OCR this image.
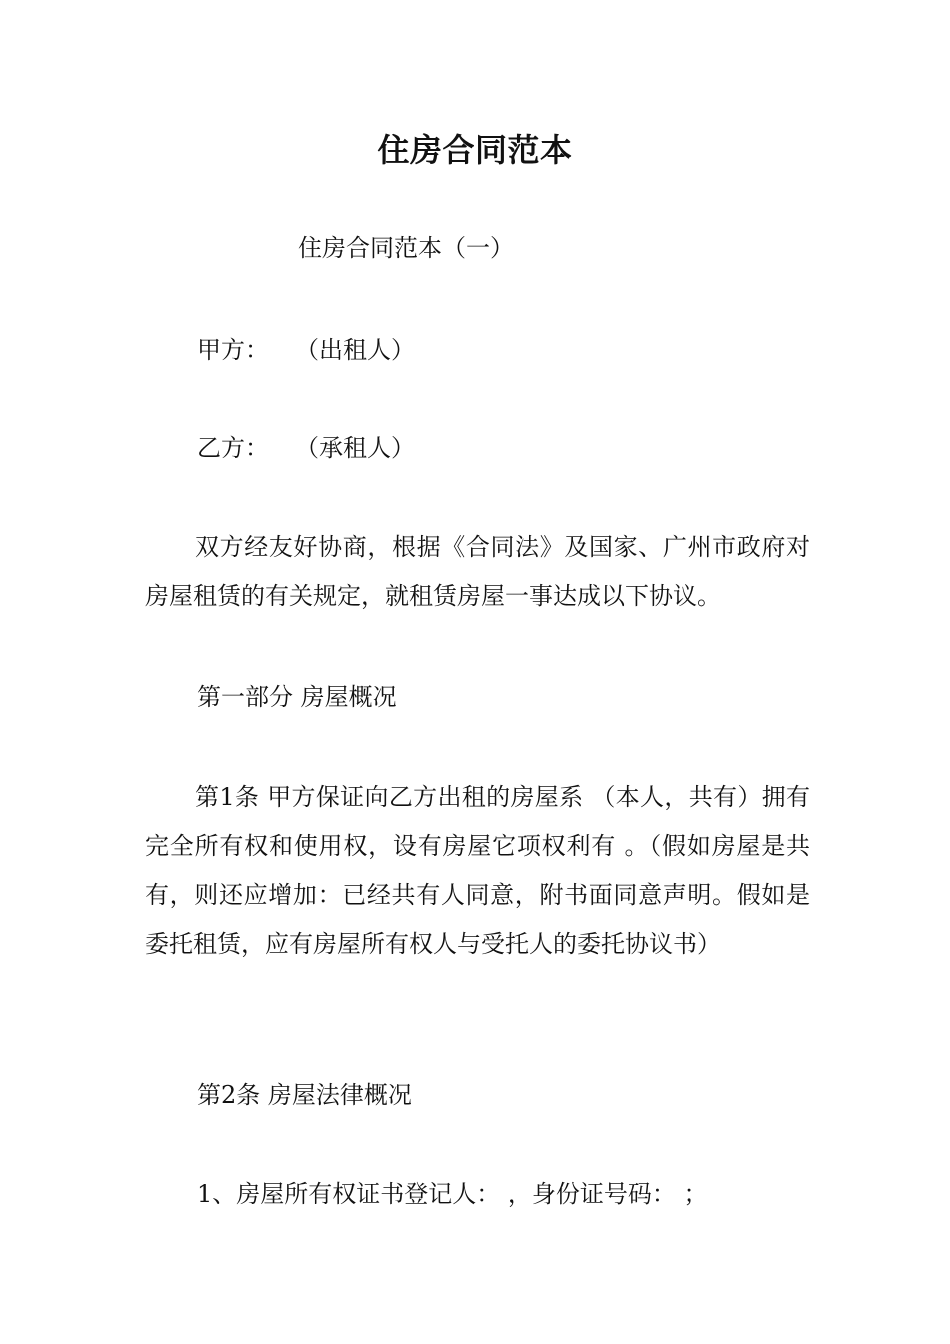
住房合同范本
住房合同范本（一）
甲方： （出租人）
乙方： （承租人）
双方经友好协商，根据《合同法》及国家、广州市政府对房屋租赁的有关规定，就租赁房屋一事达成以下协议。
第一部分 房屋概况
第1条 甲方保证向乙方出租的房屋系 （本人，共有）拥有完全所有权和使用权，设有房屋它项权利有 。（假如房屋是共有，则还应增加：已经共有人同意，附书面同意声明。假如是委托租赁，应有房屋所有权人与受托人的委托协议书）
第2条 房屋法律概况
1、房屋所有权证书登记人： ，身份证号码： ；
